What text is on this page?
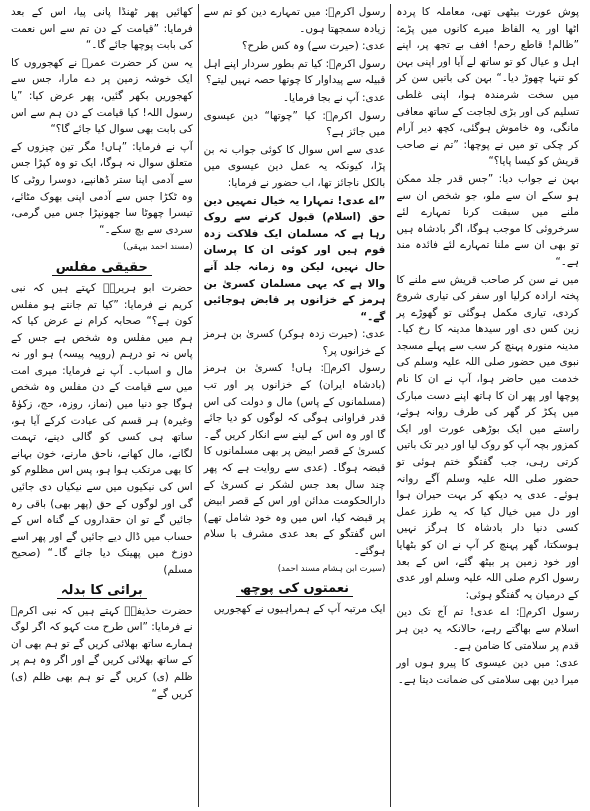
پوش عورت بیٹھی تھی، معاملہ کا پردہ اٹھا اور یہ الفاظ میرے کانوں میں پڑے: ”ظالم! قاطع رحم! افف بے تجھ پر، اپنے اہل و عیال کو تو ساتھ لے آیا اور اپنی بہن کو تنہا چھوڑ دیا۔“ بہن کی باتیں سن کر میں سخت شرمندہ ہوا، اپنی غلطی تسلیم کی اور بڑی لجاجت کے ساتھ معافی مانگی، وہ خاموش ہوگئی، کچھ دیر آرام کر چکی تو میں نے پوچھا: ”تم نے صاحب قریش کو کیسا پایا؟“

بہن نے جواب دیا: ”جس قدر جلد ممکن ہو سکے ان سے ملو، جو شخص ان سے ملنے میں سبقت کرنا تمہارے لئے سرخروئی کا موجب ہوگا، اگر بادشاہ ہیں تو بھی ان سے ملنا تمہارے لئے فائدہ مند ہے۔“

میں نے سن کر صاحب قریش سے ملنے کا پختہ ارادہ کرلیا اور سفر کی تیاری شروع کردی، تیاری مکمل ہوگئی تو گھوڑے پر زین کس دی اور سیدھا مدینہ کا رخ کیا۔ مدینہ منورہ پہنچ کر سب سے پہلے مسجد نبوی میں حضور صلی اللہ علیہ وسلم کی خدمت میں حاضر ہوا، آپ نے ان کا نام پوچھا اور پھر ان کا ہاتھ اپنے دست مبارک میں پکڑ کر گھر کی طرف روانہ ہوئے، راستے میں ایک بوڑھی عورت اور ایک کمزور بچہ آپ کو روک لیا اور دیر تک باتیں کرتی رہی، جب گفتگو ختم ہوئی تو حضور صلی اللہ علیہ وسلم آگے روانہ ہوئے۔ عدی یہ دیکھ کر بہت حیران ہوا اور دل میں خیال کیا کہ یہ طرز عمل کسی دنیا دار بادشاہ کا ہرگز نہیں ہوسکتا، گھر پہنچ کر آپ نے ان کو بٹھایا اور خود زمین پر بیٹھ گئے، اس کے بعد رسول اکرم صلی اللہ علیہ وسلم اور عدی کے درمیان یہ گفتگو ہوئی:

رسول اکرمؐ: اے عدی! تم آج تک دین اسلام سے بھاگتے رہے، حالانکہ یہ دین ہر قدم پر سلامتی کا ضامن ہے۔

عدی: میں دین عیسوی کا پیرو ہوں اور میرا دین بھی سلامتی کی ضمانت دیتا ہے۔

رسول اکرمؐ: میں تمہارے دین کو تم سے زیادہ سمجھتا ہوں۔

عدی: (حیرت سے) وہ کس طرح؟

رسول اکرمؐ: کیا تم بطور سردار اپنے اہل قبیلہ سے پیداوار کا چوتھا حصہ نہیں لیتے؟

عدی: آپ نے بجا فرمایا۔

رسول اکرمؐ: کیا ”چوتھا“ دین عیسوی میں جائز ہے؟

عدی سے اس سوال کا کوئی جواب نہ بن پڑا، کیونکہ یہ عمل دین عیسوی میں بالکل ناجائز تھا، اب حضور نے فرمایا:

”اے عدی! تمہارا یہ خیال تمہیں دین حق (اسلام) قبول کرنے سے روک رہا ہے کہ مسلمان ایک فلاکت زدہ قوم ہیں اور کوئی ان کا پرسان حال نہیں، لیکن وہ زمانہ جلد آنے والا ہے کہ یہی مسلمان کسریٰ بن ہرمز کے خزانوں پر قابض ہوجائیں گے۔“

عدی: (حیرت زدہ ہوکر) کسریٰ بن ہرمز کے خزانوں پر؟

رسول اکرمؐ: ہاں! کسریٰ بن ہرمز (بادشاہ ایران) کے خزانوں پر اور تب (مسلمانوں کے پاس) مال و دولت کی اس قدر فراوانی ہوگی کہ لوگوں کو دیا جائے گا اور وہ اس کے لینے سے انکار کریں گے۔ کسریٰ کے قصر ابیض پر بھی مسلمانوں کا قبضہ ہوگا۔ (عدی سے روایت ہے کہ پھر چند سال بعد جس لشکر نے کسریٰ کے دارالحکومت مدائن اور اس کے قصر ابیض پر قبضہ کیا، اس میں وہ خود شامل تھے) اس گفتگو کے بعد عدی مشرف با سلام ہوگئے۔

(سیرت ابن ہشام مسند احمد)

نعمتوں کی پوچھ

ایک مرتبہ آپ کے ہمراہیوں نے کھجوریں

کھائیں پھر ٹھنڈا پانی پیا، اس کے بعد فرمایا: ”قیامت کے دن تم سے اس نعمت کی بابت پوچھا جائے گا۔“

یہ سن کر حضرت عمرؓ نے کھجوروں کا ایک خوشہ زمین پر دے مارا، جس سے کھجوریں بکھر گئیں، پھر عرض کیا: ”یا رسول اللہ! کیا قیامت کے دن ہم سے اس کی بابت بھی سوال کیا جائے گا؟“

آپ نے فرمایا: ”ہاں! مگر تین چیزوں کے متعلق سوال نہ ہوگا، ایک تو وہ کپڑا جس سے آدمی اپنا ستر ڈھانپے، دوسرا روٹی کا وہ ٹکڑا جس سے آدمی اپنی بھوک مٹائے، تیسرا چھوٹا سا جھونپڑا جس میں گرمی، سردی سے بچ سکے۔“

(مسند احمد بیہقی)

حقیقی مفلس

حضرت ابو ہریرہؓ کہتے ہیں کہ نبی کریم نے فرمایا: ”کیا تم جانتے ہو مفلس کون ہے؟“ صحابہ کرام نے عرض کیا کہ ہم میں مفلس وہ شخص ہے جس کے پاس نہ تو درہم (روپیہ پیسہ) ہو اور نہ مال و اسباب۔ آپ نے فرمایا: میری امت میں سے قیامت کے دن مفلس وہ شخص ہوگا جو دنیا میں (نماز، روزہ، حج، زکوٰۃ وغیرہ) ہر قسم کی عبادت کرکے آیا ہو، ساتھ ہی کسی کو گالی دینے، تہمت لگانے، مال کھانے، ناحق مارنے، خون بہانے کا بھی مرتکب ہوا ہو، پس اس مظلوم کو اس کی نیکیوں میں سے نیکیاں دی جائیں گی اور لوگوں کے حق (پھر بھی) باقی رہ جائیں گے تو ان حقداروں کے گناہ اس کے حساب میں ڈال دیے جائیں گے اور پھر اسے دوزخ میں پھینک دیا جائے گا۔“ (صحیح مسلم)

برائی کا بدلہ

حضرت حذیفہؓ کہتے ہیں کہ نبی اکرمؐ نے فرمایا: ”اس طرح مت کہو کہ اگر لوگ ہمارے ساتھ بھلائی کریں گے تو ہم بھی ان کے ساتھ بھلائی کریں گے اور اگر وہ ہم پر ظلم (ی) کریں گے تو ہم بھی ظلم (ی) کریں گے“
